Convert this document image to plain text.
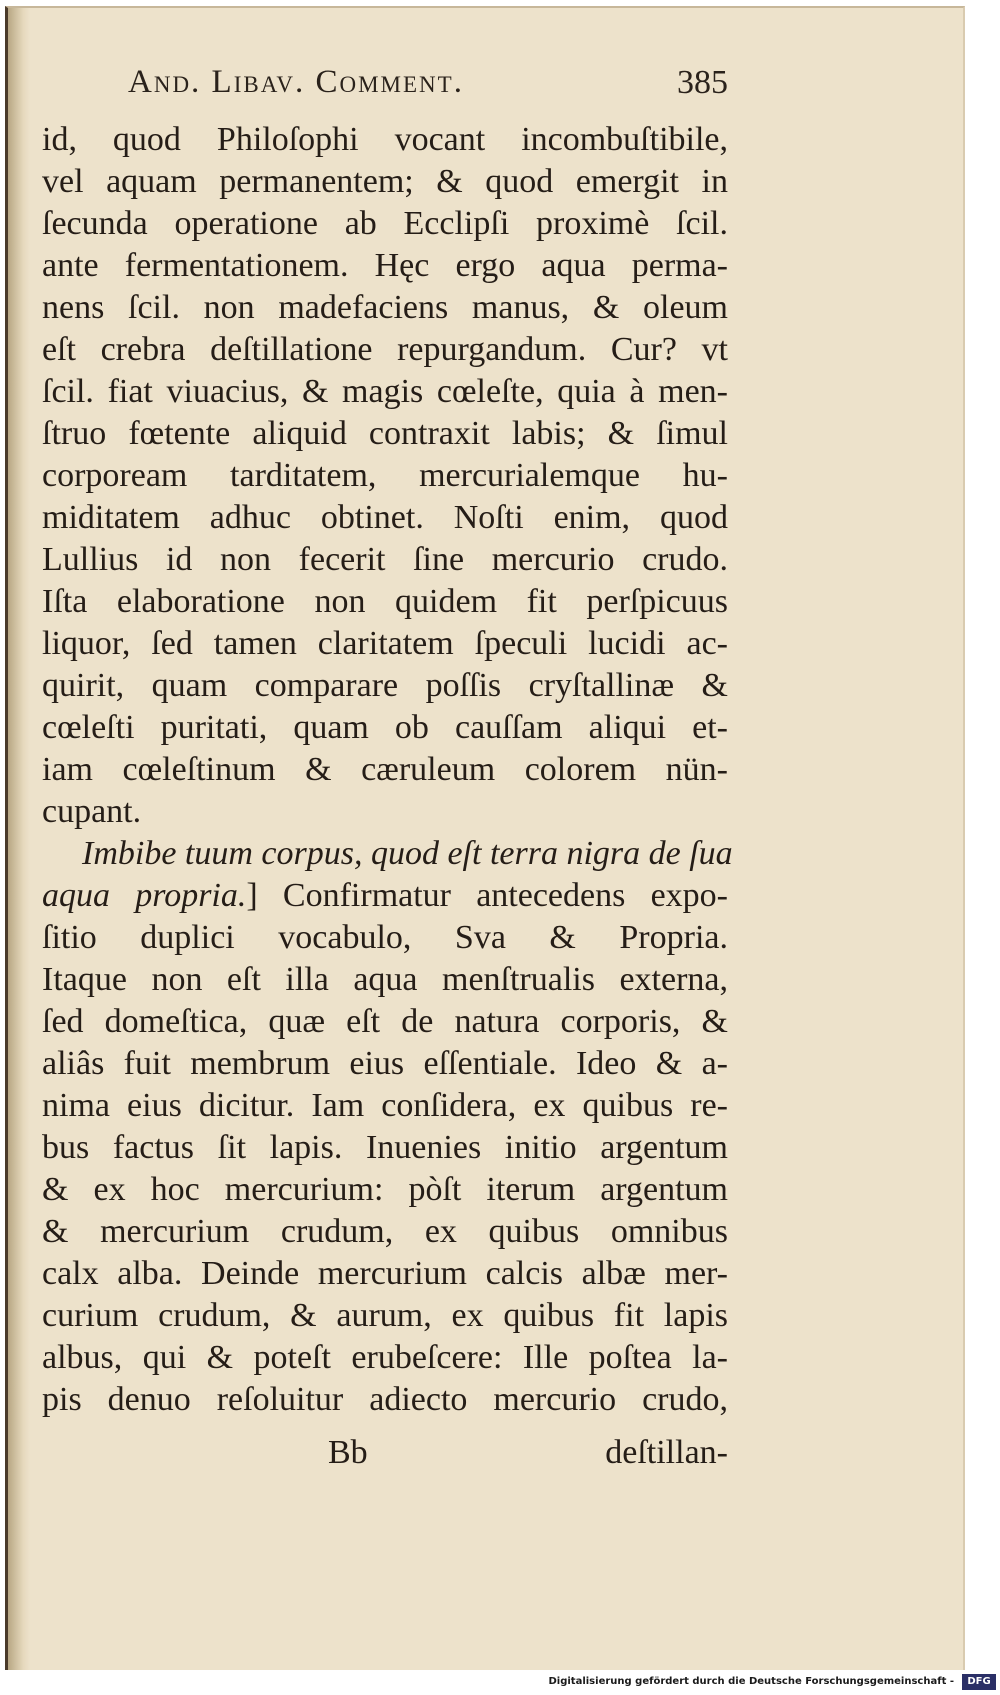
And. Libav. Comment.	385
id, quod Philoſophi vocant incombuſtibile,
vel aquam permanentem; & quod emergit in
ſecunda operatione ab Ecclipſi proximè ſcil.
ante fermentationem. Hęc ergo aqua perma-
nens ſcil. non madefaciens manus, & oleum
eſt crebra deſtillatione repurgandum. Cur? vt
ſcil. fiat viuacius, & magis cœleſte, quia à men-
ſtruo fœtente aliquid contraxit labis; & ſimul
corpoream tarditatem, mercurialemque hu-
miditatem adhuc obtinet. Noſti enim, quod
Lullius id non fecerit ſine mercurio crudo.
Iſta elaboratione non quidem fit perſpicuus
liquor, ſed tamen claritatem ſpeculi lucidi ac-
quirit, quam comparare poſſis cryſtallinæ &
cœleſti puritati, quam ob cauſſam aliqui et-
iam cœleſtinum & cæruleum colorem nün-
cupant.
Imbibe tuum corpus, quod eſt terra nigra de ſua
aqua propria.] Confirmatur antecedens expo-
ſitio duplici vocabulo, Sva & Propria.
Itaque non eſt illa aqua menſtrualis externa,
ſed domeſtica, quæ eſt de natura corporis, &
aliâs fuit membrum eius eſſentiale. Ideo & a-
nima eius dicitur. Iam conſidera, ex quibus re-
bus factus ſit lapis. Inuenies initio argentum
& ex hoc mercurium: pòſt iterum argentum
& mercurium crudum, ex quibus omnibus
calx alba. Deinde mercurium calcis albæ mer-
curium crudum, & aurum, ex quibus fit lapis
albus, qui & poteſt erubeſcere: Ille poſtea la-
pis denuo reſoluitur adiecto mercurio crudo,
Bb	deſtillan-
Digitalisierung gefördert durch die Deutsche Forschungsgemeinschaft -	DFG
